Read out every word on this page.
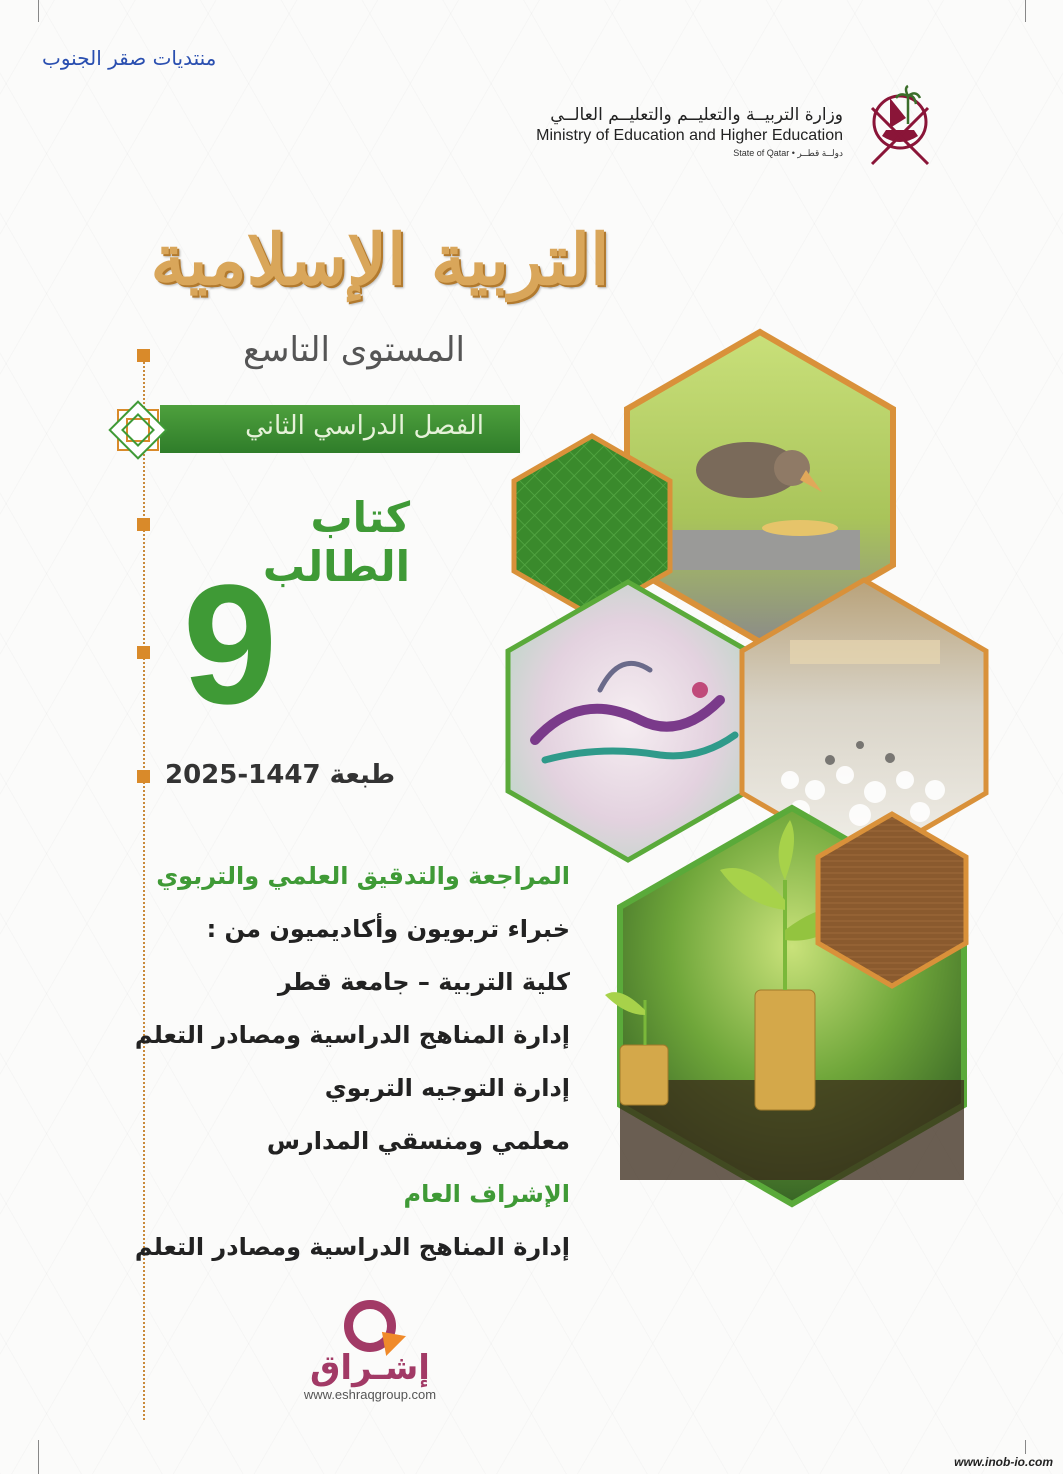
منتديات صقر الجنوب
وزارة التربيــة والتعليــم والتعليــم العالــي
Ministry of Education and Higher Education
State of Qatar • دولــة قطــر
التربية الإسلامية
المستوى التاسع
الفصل الدراسي الثاني
كتاب الطالب
9
طبعة 1447-2025
المراجعة والتدقيق العلمي والتربوي
خبراء تربويون وأكاديميون من :
كلية التربية – جامعة قطر
إدارة المناهج الدراسية ومصادر التعلم
إدارة التوجيه التربوي
معلمي ومنسقي المدارس
الإشراف العام
إدارة المناهج الدراسية ومصادر التعلم
إشـراق
www.eshraqgroup.com
www.inob-io.com
